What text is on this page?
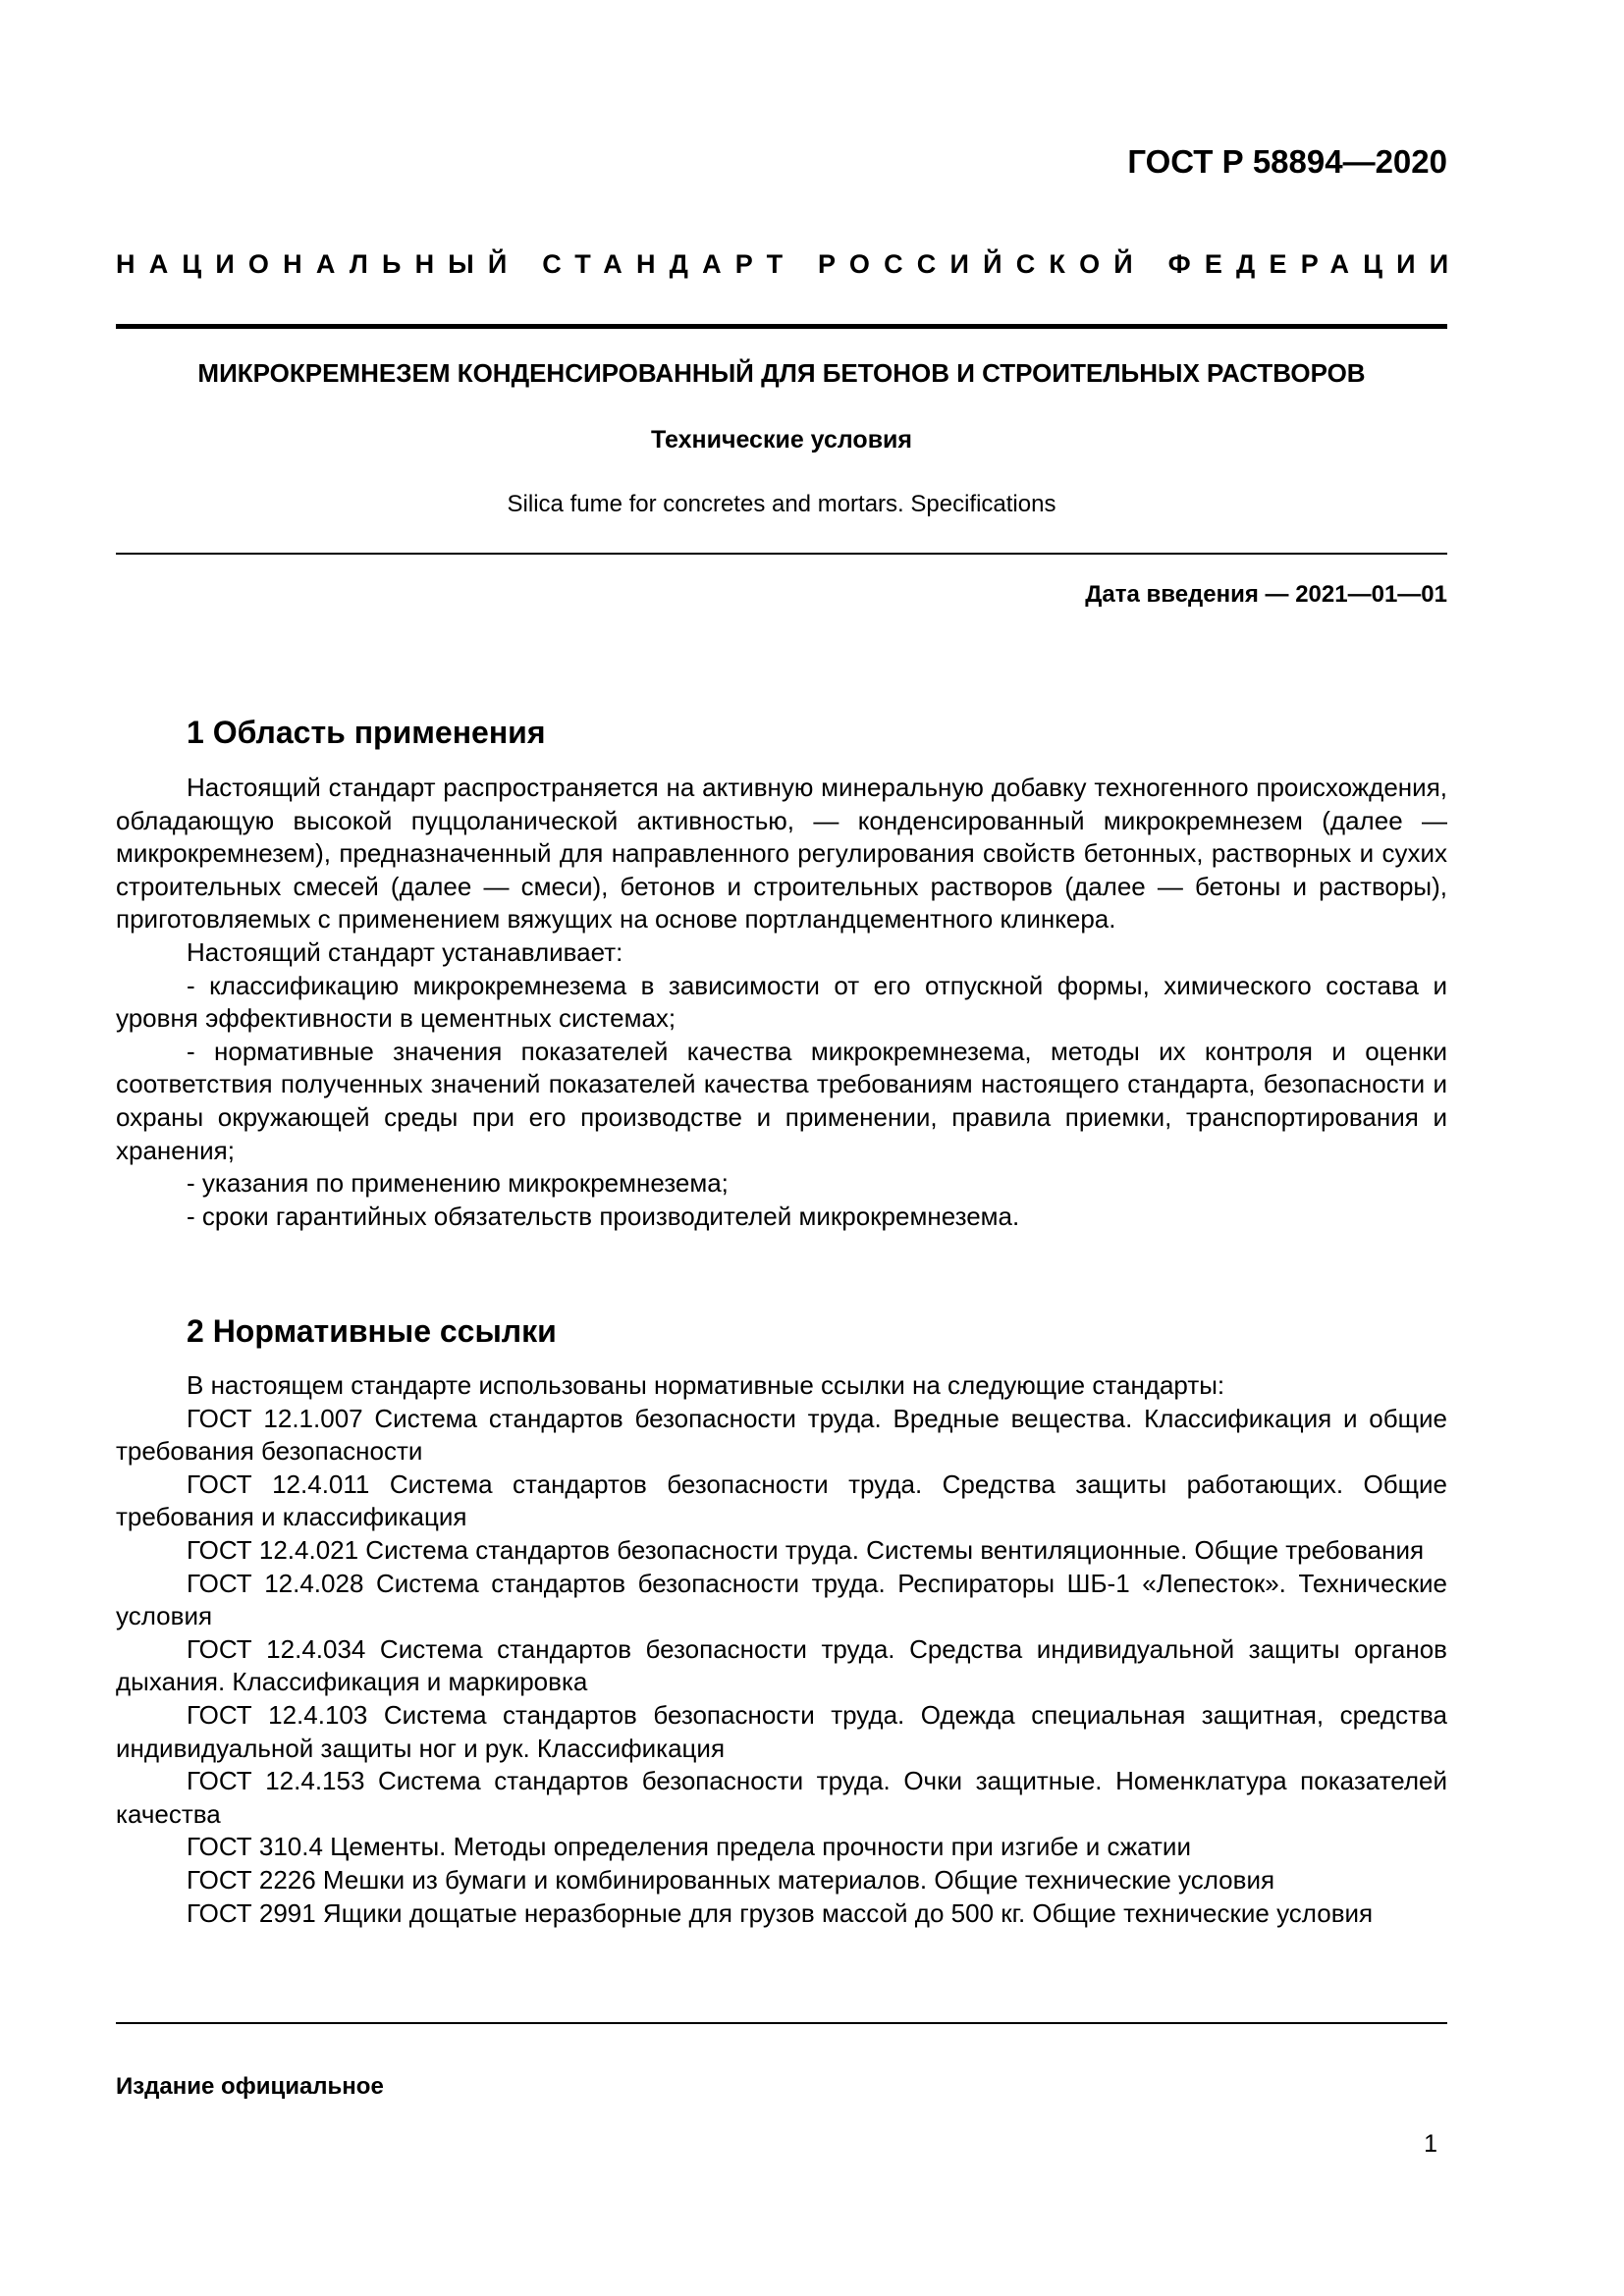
ГОСТ Р 58894—2020
НАЦИОНАЛЬНЫЙ СТАНДАРТ РОССИЙСКОЙ ФЕДЕРАЦИИ
МИКРОКРЕМНЕЗЕМ КОНДЕНСИРОВАННЫЙ ДЛЯ БЕТОНОВ И СТРОИТЕЛЬНЫХ РАСТВОРОВ
Технические условия
Silica fume for concretes and mortars. Specifications
Дата введения — 2021—01—01
1 Область применения

Настоящий стандарт распространяется на активную минеральную добавку техногенного происхождения, обладающую высокой пуццоланической активностью, — конденсированный микрокремнезем (далее — микрокремнезем), предназначенный для направленного регулирования свойств бетонных, растворных и сухих строительных смесей (далее — смеси), бетонов и строительных растворов (далее — бетоны и растворы), приготовляемых с применением вяжущих на основе портландцементного клинкера.

Настоящий стандарт устанавливает:

- классификацию микрокремнезема в зависимости от его отпускной формы, химического состава и уровня эффективности в цементных системах;

- нормативные значения показателей качества микрокремнезема, методы их контроля и оценки соответствия полученных значений показателей качества требованиям настоящего стандарта, безопасности и охраны окружающей среды при его производстве и применении, правила приемки, транспортирования и хранения;

- указания по применению микрокремнезема;

- сроки гарантийных обязательств производителей микрокремнезема.

2 Нормативные ссылки

В настоящем стандарте использованы нормативные ссылки на следующие стандарты:

ГОСТ 12.1.007 Система стандартов безопасности труда. Вредные вещества. Классификация и общие требования безопасности

ГОСТ 12.4.011 Система стандартов безопасности труда. Средства защиты работающих. Общие требования и классификация

ГОСТ 12.4.021 Система стандартов безопасности труда. Системы вентиляционные. Общие требования

ГОСТ 12.4.028 Система стандартов безопасности труда. Респираторы ШБ-1 «Лепесток». Технические условия

ГОСТ 12.4.034 Система стандартов безопасности труда. Средства индивидуальной защиты органов дыхания. Классификация и маркировка

ГОСТ 12.4.103 Система стандартов безопасности труда. Одежда специальная защитная, средства индивидуальной защиты ног и рук. Классификация

ГОСТ 12.4.153 Система стандартов безопасности труда. Очки защитные. Номенклатура показателей качества

ГОСТ 310.4 Цементы. Методы определения предела прочности при изгибе и сжатии

ГОСТ 2226 Мешки из бумаги и комбинированных материалов. Общие технические условия

ГОСТ 2991 Ящики дощатые неразборные для грузов массой до 500 кг. Общие технические условия

Издание официальное
1
